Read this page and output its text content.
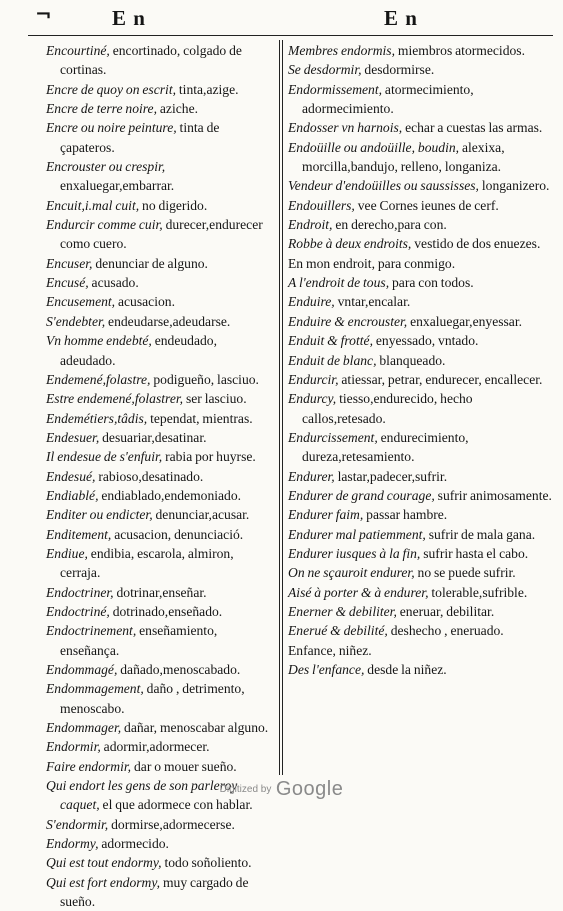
¬	E n	E n
Encourtiné, encortinado, colgado de cortinas.
Encre de quoy on escrit, tinta,azige.
Encre de terre noire, aziche.
Encre ou noire peinture, tinta de çapateros.
Encrouster ou crespir, enxaluegar,embarrar.
Encuit,i.mal cuit, no digerido.
Endurcir comme cuir, durecer,endurecer como cuero.
Encuser, denunciar de alguno.
Encusé, acusado.
Encusement, acusacion.
S'endebter, endeudarse,adeudarse.
Vn homme endebté, endeudado, adeudado.
Endemené,folastre, podigueño, lasciuo.
Estre endemené,folastrer, ser lasciuo.
Endemétiers,tâdis, tependat, mientras.
Endesuer, desuariar,desatinar.
Il endesue de s'enfuir, rabia por huyrse.
Endesué, rabioso,desatinado.
Endiablé, endiablado,endemoniado.
Enditer ou endicter, denunciar,acusar.
Enditement, acusacion, denunciació.
Endiue, endibia, escarola, almiron, cerraja.
Endoctriner, dotrinar,enseñar.
Endoctriné, dotrinado,enseñado.
Endoctrinement, enseñamiento, enseñança.
Endommagé, dañado,menoscabado.
Endommagement, daño , detrimento, menoscabo.
Endommager, dañar, menoscabar alguno.
Endormir, adormir,adormecer.
Faire endormir, dar o mouer sueño.
Qui endort les gens de son parleroy caquet, el que adormece con hablar.
S'endormir, dormirse,adormecerse.
Endormy, adormecido.
Qui est tout endormy, todo soñoliento.
Qui est fort endormy, muy cargado de sueño.
Membres endormis, miembros atormecidos.
Se desdormir, desdormirse.
Endormissement, atormecimiento, adormecimiento.
Endosser vn harnois, echar a cuestas las armas.
Endoüille ou andoüille, boudin, alexixa, morcilla,bandujo, relleno, longaniza.
Vendeur d'endoüilles ou saussisses, longanizero.
Endouillers, vee Cornes ieunes de cerf.
Endroit, en derecho,para con.
Robbe à deux endroits, vestido de dos enuezes.
En mon endroit, para conmigo.
A l'endroit de tous, para con todos.
Enduire, vntar,encalar.
Enduire & encrouster, enxaluegar,enyessar.
Enduit & frotté, enyessado, vntado.
Enduit de blanc, blanqueado.
Endurcir, atiessar, petrar, endurecer, encallecer.
Endurcy, tiesso,endurecido, hecho callos,retesado.
Endurcissement, endurecimiento, dureza,retesamiento.
Endurer, lastar,padecer,sufrir.
Endurer de grand courage, sufrir animosamente.
Endurer faim, passar hambre.
Endurer mal patiemment, sufrir de mala gana.
Endurer iusques à la fin, sufrir hasta el cabo.
On ne sçauroit endurer, no se puede sufrir.
Aisé à porter & à endurer, tolerable,sufrible.
Enerner & debiliter, eneruar, debilitar.
Enerué & debilité, deshecho , eneruado.
Enfance, niñez.
Des l'enfance, desde la niñez.
Digitized by Google
